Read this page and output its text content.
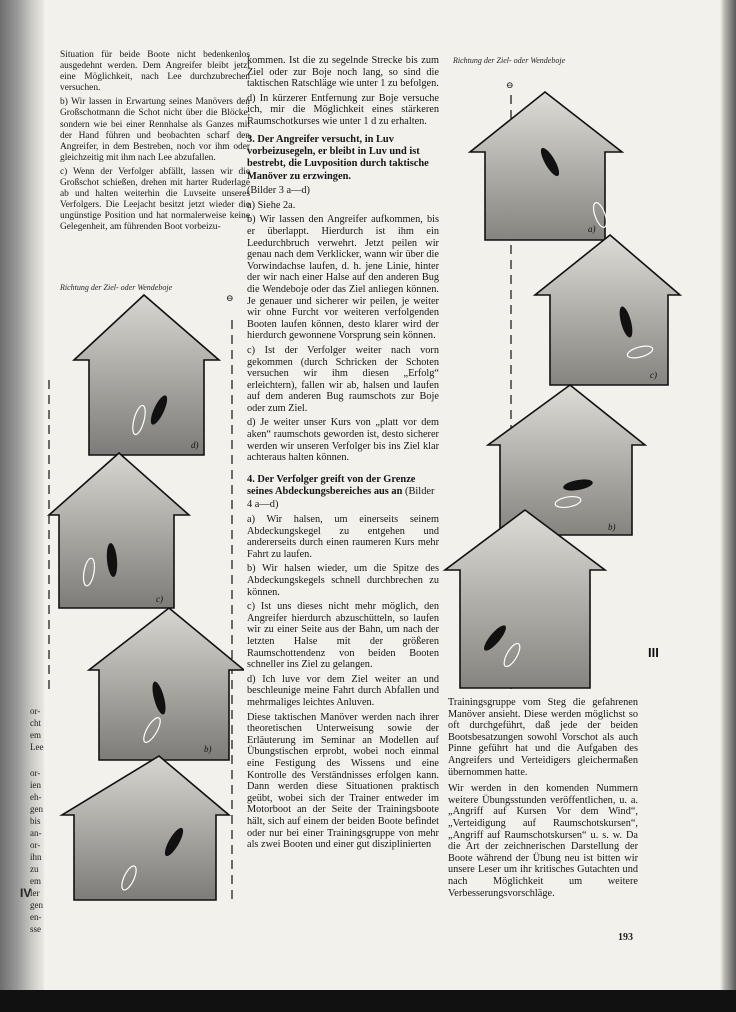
or-
cht
em
Lee
or-
ien
eh-
gen
bis
an-
or-
ihn
zu
em
ler
gen
en-
sse
IV

Situation für beide Boote nicht bedenkenlos ausgedehnt werden. Dem Angreifer bleibt jetzt eine Möglichkeit, nach Lee durchzubrechen versuchen.

b) Wir lassen in Erwartung seines Manövers den Großschotmann die Schot nicht über die Blöcke, sondern wie bei einer Rennhalse als Ganzes mit der Hand führen und beobachten scharf den Angreifer, in dem Bestreben, noch vor ihm oder gleichzeitig mit ihm nach Lee abzufallen.

c) Wenn der Verfolger abfällt, lassen wir die Großschot schießen, drehen mit harter Ruderlage ab und halten weiterhin die Luvseite unseres Verfolgers. Die Leejacht besitzt jetzt wieder die ungünstige Position und hat normalerweise keine Gelegenheit, am führenden Boot vorbeizu-

Richtung der Ziel- oder Wendeboje
Richtung der Ziel- oder Wendeboje
d)
c)
b)
⊖

kommen. Ist die zu segelnde Strecke bis zum Ziel oder zur Boje noch lang, so sind die taktischen Ratschläge wie unter 1 zu befolgen.

d) In kürzerer Entfernung zur Boje versuche ich, mir die Möglichkeit eines stärkeren Raumschotkurses wie unter 1 d zu erhalten.

3. Der Angreifer versucht, in Luv vorbeizusegeln, er bleibt in Luv und ist bestrebt, die Luvposition durch taktische Manöver zu erzwingen.

(Bilder 3 a—d)

a) Siehe 2a.

b) Wir lassen den Angreifer aufkommen, bis er überlappt. Hierdurch ist ihm ein Leedurchbruch verwehrt. Jetzt peilen wir genau nach dem Verklicker, wann wir über die Vorwindachse laufen, d. h. jene Linie, hinter der wir nach einer Halse auf den anderen Bug die Wendeboje oder das Ziel anliegen können. Je genauer und sicherer wir peilen, je weiter wir ohne Furcht vor weiteren verfolgenden Booten laufen können, desto klarer wird der hierdurch gewonnene Vorsprung sein können.

c) Ist der Verfolger weiter nach vorn gekommen (durch Schricken der Schoten versuchen wir ihm diesen „Erfolg“ erleichtern), fallen wir ab, halsen und laufen auf dem anderen Bug raumschots zur Boje oder zum Ziel.

d) Je weiter unser Kurs von „platt vor dem aken“ raumschots geworden ist, desto sicherer werden wir unseren Verfolger bis ins Ziel klar achteraus halten können.

4. Der Verfolger greift von der Grenze seines Abdeckungsbereiches aus an (Bilder 4 a—d)

a) Wir halsen, um einerseits seinem Abdeckungskegel zu entgehen und andererseits durch einen raumeren Kurs mehr Fahrt zu laufen.

b) Wir halsen wieder, um die Spitze des Abdeckungskegels schnell durchbrechen zu können.

c) Ist uns dieses nicht mehr möglich, den Angreifer hierdurch abzuschütteln, so laufen wir zu einer Seite aus der Bahn, um nach der letzten Halse mit der größeren Raumschottendenz von beiden Booten schneller ins Ziel zu gelangen.

d) Ich luve vor dem Ziel weiter an und beschleunige meine Fahrt durch Abfallen und mehrmaliges leichtes Anluven.

Diese taktischen Manöver werden nach ihrer theoretischen Unterweisung sowie der Erläuterung im Seminar an Modellen auf Übungstischen erprobt, wobei noch einmal eine Festigung des Wissens und eine Kontrolle des Verständnisses erfolgen kann. Dann werden diese Situationen praktisch geübt, wobei sich der Trainer entweder im Motorboot an der Seite der Trainingsboote hält, sich auf einem der beiden Boote befindet oder nur bei einer Trainingsgruppe von mehr als zwei Booten und einer gut disziplinierten

⊖
a)
c)
b)
III

Trainingsgruppe vom Steg die gefahrenen Manöver ansieht. Diese werden möglichst so oft durchgeführt, daß jede der beiden Bootsbesatzungen sowohl Vorschot als auch Pinne geführt hat und die Aufgaben des Angreifers und Verteidigers gleichermaßen übernommen hatte.

Wir werden in den komenden Nummern weitere Übungsstunden veröffentlichen, u. a. „Angriff auf Kursen Vor dem Wind“, „Verteidigung auf Raumschotskursen“, „Angriff auf Raumschotskursen“ u. s. w. Da die Art der zeichnerischen Darstellung der Boote während der Übung neu ist bitten wir unsere Leser um ihr kritisches Gutachten und nach Möglichkeit um weitere Verbesserungsvorschläge.

193
